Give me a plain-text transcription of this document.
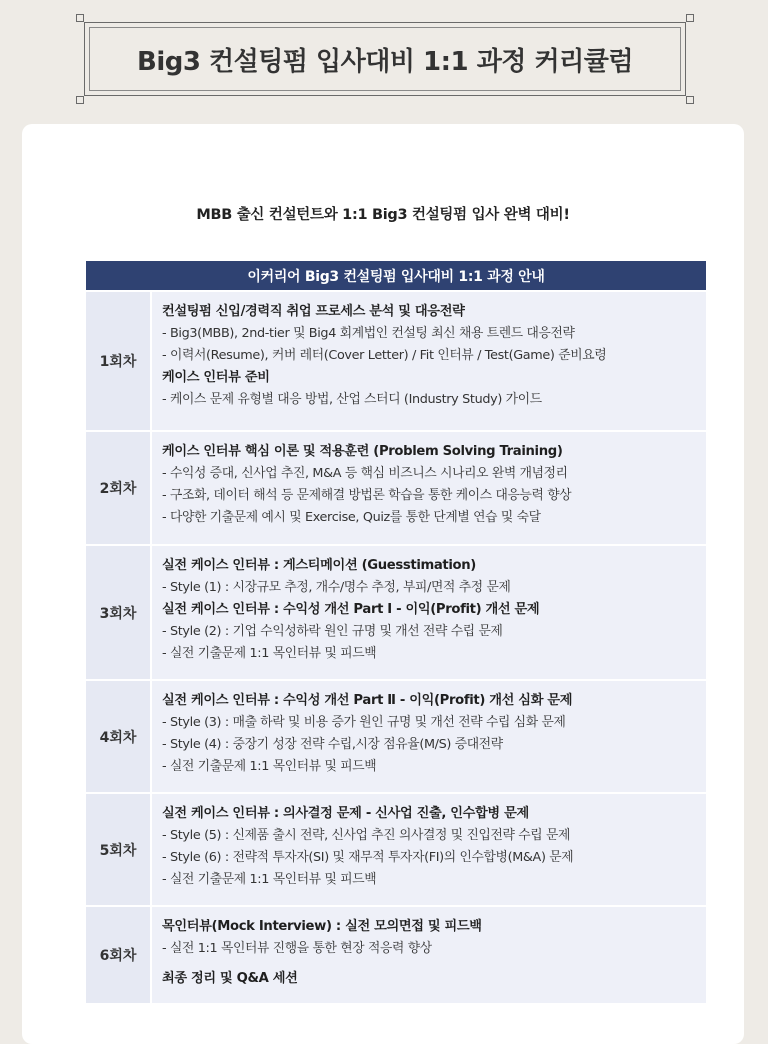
Big3 컨설팅펌 입사대비 1:1 과정 커리큘럼
MBB 출신 컨설턴트와 1:1 Big3 컨설팅펌 입사 완벽 대비!
이커리어 Big3 컨설팅펌 입사대비 1:1 과정 안내
1회차
컨설팅펌 신입/경력직 취업 프로세스 분석 및 대응전략
- Big3(MBB), 2nd-tier 및 Big4 회계법인 컨설팅 최신 채용 트렌드 대응전략
- 이력서(Resume), 커버 레터(Cover Letter) / Fit 인터뷰 / Test(Game) 준비요령
케이스 인터뷰 준비
- 케이스 문제 유형별 대응 방법, 산업 스터디 (Industry Study) 가이드
2회차
케이스 인터뷰 핵심 이론 및 적용훈련 (Problem Solving Training)
- 수익성 증대, 신사업 추진, M&A 등 핵심 비즈니스 시나리오 완벽 개념정리
- 구조화, 데이터 해석 등 문제해결 방법론 학습을 통한 케이스 대응능력 향상
- 다양한 기출문제 예시 및 Exercise, Quiz를 통한 단계별 연습 및 숙달
3회차
실전 케이스 인터뷰 : 게스티메이션 (Guesstimation)
- Style (1) : 시장규모 추정, 개수/명수 추정, 부피/면적 추정 문제
실전 케이스 인터뷰 : 수익성 개선 Part Ⅰ - 이익(Profit) 개선 문제
- Style (2) : 기업 수익성하락 원인 규명 및 개선 전략 수립 문제
- 실전 기출문제 1:1 목인터뷰 및 피드백
4회차
실전 케이스 인터뷰 : 수익성 개선 Part Ⅱ - 이익(Profit) 개선 심화 문제
- Style (3) : 매출 하락 및 비용 증가 원인 규명 및 개선 전략 수립 심화 문제
- Style (4) : 중장기 성장 전략 수립,시장 점유율(M/S) 증대전략
- 실전 기출문제 1:1 목인터뷰 및 피드백
5회차
실전 케이스 인터뷰 : 의사결정 문제 - 신사업 진출, 인수합병 문제
- Style (5) : 신제품 출시 전략, 신사업 추진 의사결정 및 진입전략 수립 문제
- Style (6) : 전략적 투자자(SI) 및 재무적 투자자(FI)의 인수합병(M&A) 문제
- 실전 기출문제 1:1 목인터뷰 및 피드백
6회차
목인터뷰(Mock Interview) : 실전 모의면접 및 피드백
- 실전 1:1 목인터뷰 진행을 통한 현장 적응력 향상
최종 정리 및 Q&A 세션
